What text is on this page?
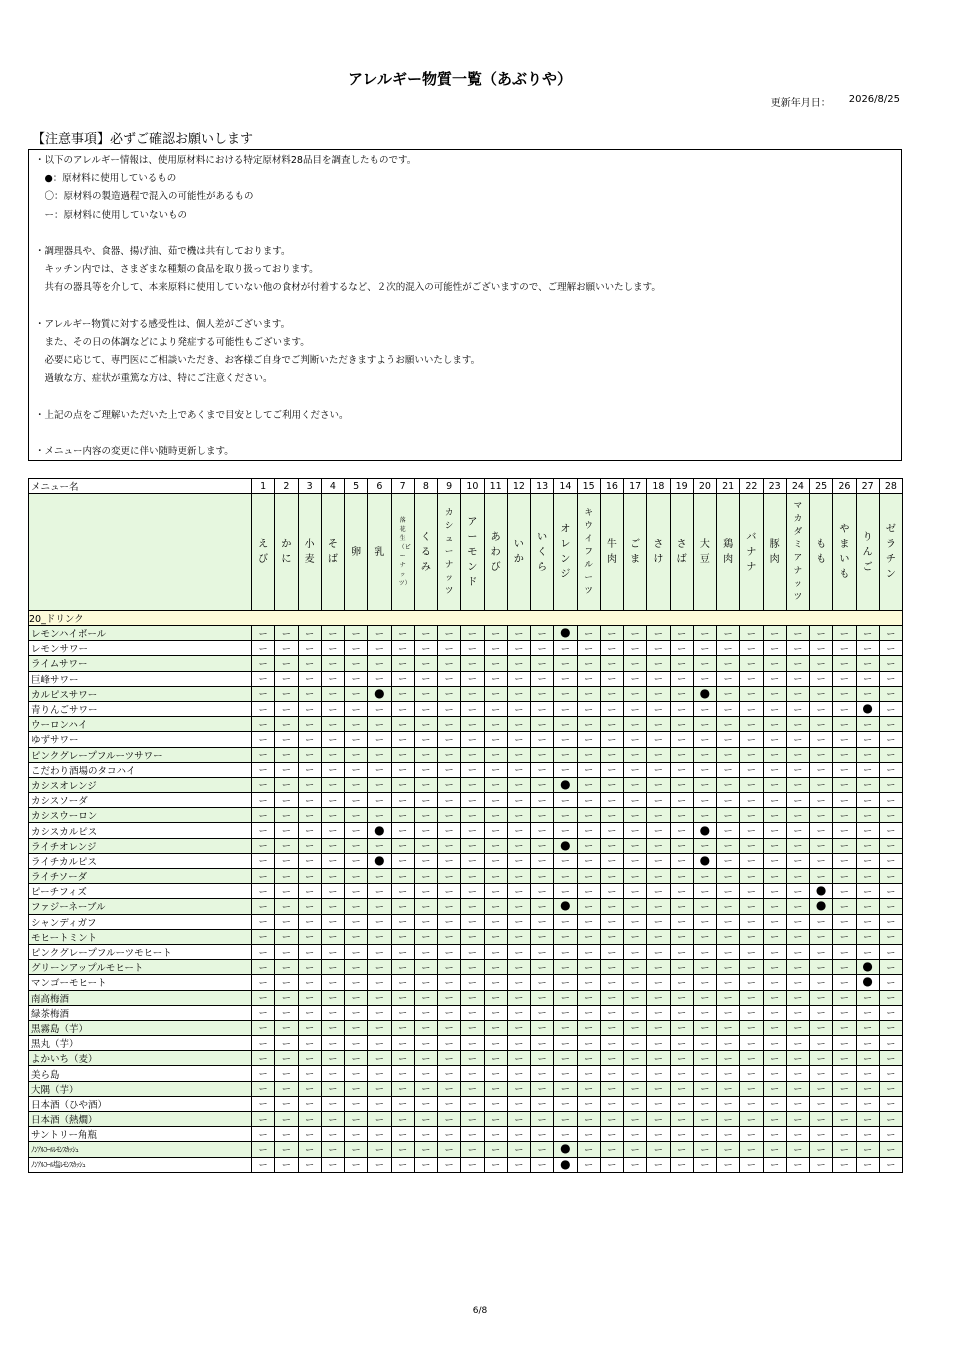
アレルギー物質一覧（あぶりや）
更新年月日： 2026/8/25
【注意事項】必ずご確認お願いします
・以下のアレルギー情報は、使用原材料における特定原材料28品目を調査したものです。
　●：原材料に使用しているもの
　〇：原材料の製造過程で混入の可能性があるもの
　ー：原材料に使用していないもの
・調理器具や、食器、揚げ油、茹で機は共有しております。
　キッチン内では、さまざまな種類の食品を取り扱っております。
　共有の器具等を介して、本来原料に使用していない他の食材が付着するなど、２次的混入の可能性がございますので、ご理解お願いいたします。
・アレルギー物質に対する感受性は、個人差がございます。
　また、その日の体調などにより発症する可能性もございます。
　必要に応じて、専門医にご相談いただき、お客様ご自身でご判断いただきますようお願いいたします。
　過敏な方、症状が重篤な方は、特にご注意ください。
・上記の点をご理解いただいた上であくまで目安としてご利用ください。
・メニュー内容の変更に伴い随時更新します。
メニュー名	1	2	3	4	5	6	7	8	9	10	11	12	13	14	15	16	17	18	19	20	21	22	23	24	25	26	27	28
	えび	かに	小麦	そば	卵	乳	落花生（ピーナッツ）	くるみ	カシューナッツ	アーモンド	あわび	いか	いくら	オレンジ	キウイフルーツ	牛肉	ごま	さけ	さば	大豆	鶏肉	バナナ	豚肉	マカダミアナッツ	もも	やまいも	りんご	ゼラチン
20_ドリンク																												
レモンハイボール	ー	ー	ー	ー	ー	ー	ー	ー	ー	ー	ー	ー	ー	●	ー	ー	ー	ー	ー	ー	ー	ー	ー	ー	ー	ー	ー	ー
レモンサワー	ー	ー	ー	ー	ー	ー	ー	ー	ー	ー	ー	ー	ー	ー	ー	ー	ー	ー	ー	ー	ー	ー	ー	ー	ー	ー	ー	ー
ライムサワー	ー	ー	ー	ー	ー	ー	ー	ー	ー	ー	ー	ー	ー	ー	ー	ー	ー	ー	ー	ー	ー	ー	ー	ー	ー	ー	ー	ー
巨峰サワー	ー	ー	ー	ー	ー	ー	ー	ー	ー	ー	ー	ー	ー	ー	ー	ー	ー	ー	ー	ー	ー	ー	ー	ー	ー	ー	ー	ー
カルピスサワー	ー	ー	ー	ー	ー	●	ー	ー	ー	ー	ー	ー	ー	ー	ー	ー	ー	ー	ー	●	ー	ー	ー	ー	ー	ー	ー	ー
青りんごサワー	ー	ー	ー	ー	ー	ー	ー	ー	ー	ー	ー	ー	ー	ー	ー	ー	ー	ー	ー	ー	ー	ー	ー	ー	ー	ー	●	ー
ウーロンハイ	ー	ー	ー	ー	ー	ー	ー	ー	ー	ー	ー	ー	ー	ー	ー	ー	ー	ー	ー	ー	ー	ー	ー	ー	ー	ー	ー	ー
ゆずサワー	ー	ー	ー	ー	ー	ー	ー	ー	ー	ー	ー	ー	ー	ー	ー	ー	ー	ー	ー	ー	ー	ー	ー	ー	ー	ー	ー	ー
ピンクグレープフルーツサワー	ー	ー	ー	ー	ー	ー	ー	ー	ー	ー	ー	ー	ー	ー	ー	ー	ー	ー	ー	ー	ー	ー	ー	ー	ー	ー	ー	ー
こだわり酒場のタコハイ	ー	ー	ー	ー	ー	ー	ー	ー	ー	ー	ー	ー	ー	ー	ー	ー	ー	ー	ー	ー	ー	ー	ー	ー	ー	ー	ー	ー
カシスオレンジ	ー	ー	ー	ー	ー	ー	ー	ー	ー	ー	ー	ー	ー	●	ー	ー	ー	ー	ー	ー	ー	ー	ー	ー	ー	ー	ー	ー
カシスソーダ	ー	ー	ー	ー	ー	ー	ー	ー	ー	ー	ー	ー	ー	ー	ー	ー	ー	ー	ー	ー	ー	ー	ー	ー	ー	ー	ー	ー
カシスウーロン	ー	ー	ー	ー	ー	ー	ー	ー	ー	ー	ー	ー	ー	ー	ー	ー	ー	ー	ー	ー	ー	ー	ー	ー	ー	ー	ー	ー
カシスカルピス	ー	ー	ー	ー	ー	●	ー	ー	ー	ー	ー	ー	ー	ー	ー	ー	ー	ー	ー	●	ー	ー	ー	ー	ー	ー	ー	ー
ライチオレンジ	ー	ー	ー	ー	ー	ー	ー	ー	ー	ー	ー	ー	ー	●	ー	ー	ー	ー	ー	ー	ー	ー	ー	ー	ー	ー	ー	ー
ライチカルピス	ー	ー	ー	ー	ー	●	ー	ー	ー	ー	ー	ー	ー	ー	ー	ー	ー	ー	ー	●	ー	ー	ー	ー	ー	ー	ー	ー
ライチソーダ	ー	ー	ー	ー	ー	ー	ー	ー	ー	ー	ー	ー	ー	ー	ー	ー	ー	ー	ー	ー	ー	ー	ー	ー	ー	ー	ー	ー
ピーチフィズ	ー	ー	ー	ー	ー	ー	ー	ー	ー	ー	ー	ー	ー	ー	ー	ー	ー	ー	ー	ー	ー	ー	ー	ー	●	ー	ー	ー
ファジーネーブル	ー	ー	ー	ー	ー	ー	ー	ー	ー	ー	ー	ー	ー	●	ー	ー	ー	ー	ー	ー	ー	ー	ー	ー	●	ー	ー	ー
シャンディガフ	ー	ー	ー	ー	ー	ー	ー	ー	ー	ー	ー	ー	ー	ー	ー	ー	ー	ー	ー	ー	ー	ー	ー	ー	ー	ー	ー	ー
モヒートミント	ー	ー	ー	ー	ー	ー	ー	ー	ー	ー	ー	ー	ー	ー	ー	ー	ー	ー	ー	ー	ー	ー	ー	ー	ー	ー	ー	ー
ピンクグレープフルーツモヒート	ー	ー	ー	ー	ー	ー	ー	ー	ー	ー	ー	ー	ー	ー	ー	ー	ー	ー	ー	ー	ー	ー	ー	ー	ー	ー	ー	ー
グリーンアップルモヒート	ー	ー	ー	ー	ー	ー	ー	ー	ー	ー	ー	ー	ー	ー	ー	ー	ー	ー	ー	ー	ー	ー	ー	ー	ー	ー	●	ー
マンゴーモヒート	ー	ー	ー	ー	ー	ー	ー	ー	ー	ー	ー	ー	ー	ー	ー	ー	ー	ー	ー	ー	ー	ー	ー	ー	ー	ー	●	ー
南高梅酒	ー	ー	ー	ー	ー	ー	ー	ー	ー	ー	ー	ー	ー	ー	ー	ー	ー	ー	ー	ー	ー	ー	ー	ー	ー	ー	ー	ー
緑茶梅酒	ー	ー	ー	ー	ー	ー	ー	ー	ー	ー	ー	ー	ー	ー	ー	ー	ー	ー	ー	ー	ー	ー	ー	ー	ー	ー	ー	ー
黒霧島（芋）	ー	ー	ー	ー	ー	ー	ー	ー	ー	ー	ー	ー	ー	ー	ー	ー	ー	ー	ー	ー	ー	ー	ー	ー	ー	ー	ー	ー
黒丸（芋）	ー	ー	ー	ー	ー	ー	ー	ー	ー	ー	ー	ー	ー	ー	ー	ー	ー	ー	ー	ー	ー	ー	ー	ー	ー	ー	ー	ー
よかいち（麦）	ー	ー	ー	ー	ー	ー	ー	ー	ー	ー	ー	ー	ー	ー	ー	ー	ー	ー	ー	ー	ー	ー	ー	ー	ー	ー	ー	ー
美ら島	ー	ー	ー	ー	ー	ー	ー	ー	ー	ー	ー	ー	ー	ー	ー	ー	ー	ー	ー	ー	ー	ー	ー	ー	ー	ー	ー	ー
大隅（芋）	ー	ー	ー	ー	ー	ー	ー	ー	ー	ー	ー	ー	ー	ー	ー	ー	ー	ー	ー	ー	ー	ー	ー	ー	ー	ー	ー	ー
日本酒（ひや酒）	ー	ー	ー	ー	ー	ー	ー	ー	ー	ー	ー	ー	ー	ー	ー	ー	ー	ー	ー	ー	ー	ー	ー	ー	ー	ー	ー	ー
日本酒（熱燗）	ー	ー	ー	ー	ー	ー	ー	ー	ー	ー	ー	ー	ー	ー	ー	ー	ー	ー	ー	ー	ー	ー	ー	ー	ー	ー	ー	ー
サントリー角瓶	ー	ー	ー	ー	ー	ー	ー	ー	ー	ー	ー	ー	ー	ー	ー	ー	ー	ー	ー	ー	ー	ー	ー	ー	ー	ー	ー	ー
ﾉﾝｱﾙｺｰﾙﾚﾓﾝｽｶｯｼｭ	ー	ー	ー	ー	ー	ー	ー	ー	ー	ー	ー	ー	ー	●	ー	ー	ー	ー	ー	ー	ー	ー	ー	ー	ー	ー	ー	ー
ﾉﾝｱﾙｺｰﾙ塩ﾚﾓﾝｽｶｯｼｭ	ー	ー	ー	ー	ー	ー	ー	ー	ー	ー	ー	ー	ー	●	ー	ー	ー	ー	ー	ー	ー	ー	ー	ー	ー	ー	ー	ー
6/8
